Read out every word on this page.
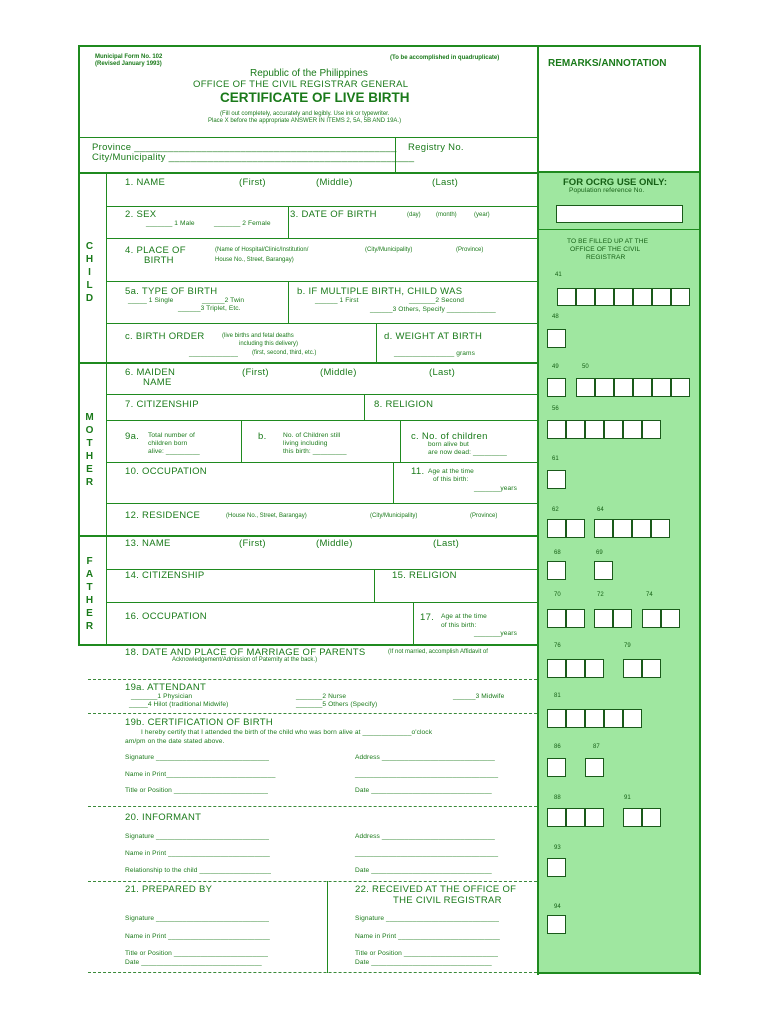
Municipal Form No. 102
(Revised January 1993)
(To be accomplished in quadruplicate)
Republic of the Philippines
OFFICE OF THE CIVIL REGISTRAR GENERAL
CERTIFICATE OF LIVE BIRTH
(Fill out completely, accurately and legibly. Use ink or typewriter.
Place X before the appropriate ANSWER IN ITEMS 2, 5A, 5B AND 19A.)
Province _______________________________________________
City/Municipality ____________________________________________
Registry No.
REMARKS/ANNOTATION
FOR OCRG USE ONLY:
Population reference No.
TO BE FILLED UP AT THE
OFFICE OF THE CIVIL
REGISTRAR
41
48
49	50
56
61
62	64
68	69
70	72	74
76	79
81
86	87
88	91
93
94
C
H
I
L
D
M
O
T
H
E
R
F
A
T
H
E
R
1. NAME	(First)	(Middle)	(Last)
2. SEX
_______ 1 Male	_______ 2 Female
3. DATE OF BIRTH	(day)	(month)	(year)
4. PLACE OF
BIRTH
(Name of Hospital/Clinic/Institution/
House No., Street, Barangay)
(City/Municipality)	(Province)
5a. TYPE OF BIRTH
_____ 1 Single	______2 Twin
______3 Triplet, Etc.
b. IF MULTIPLE BIRTH, CHILD WAS
______ 1 First	_______2 Second
______3 Others, Specify _____________
c. BIRTH ORDER	(live births and fetal deaths
including this delivery)
_____________ (first, second, third, etc.)
d. WEIGHT AT BIRTH
________________ grams
6. MAIDEN
NAME
(First)	(Middle)	(Last)
7. CITIZENSHIP	8. RELIGION
9a. Total number of
children born
alive: _________
b. No. of Children still
living including
this birth: _________
c. No. of children
born alive but
are now dead: _________
10. OCCUPATION	11. Age at the time
of this birth:
_______years
12. RESIDENCE	(House No., Street, Barangay)	(City/Municipality)	(Province)
13. NAME	(First)	(Middle)	(Last)
14. CITIZENSHIP	15. RELIGION
16. OCCUPATION	17. Age at the time
of this birth:
_______years
18. DATE AND PLACE OF MARRIAGE OF PARENTS	(If not married, accomplish Affidavit of
Acknowledgement/Admission of Paternity at the back.)
19a. ATTENDANT
_______1 Physician	_______2 Nurse	______3 Midwife
_____4 Hilot (traditional Midwife)	_______5 Others (Specify)
19b. CERTIFICATION OF BIRTH
I hereby certify that I attended the birth of the child who was born alive at _____________o'clock
am/pm on the date stated above.
Signature ______________________________
Name in Print_____________________________
Title or Position _________________________
Address ______________________________
______________________________________
Date ________________________________
20. INFORMANT
Signature ______________________________
Name in Print ___________________________
Relationship to the child ___________________
Address ______________________________
______________________________________
Date ________________________________
21. PREPARED BY
Signature ______________________________
Name in Print ___________________________
Title or Position _________________________
Date ________________________________
22. RECEIVED AT THE OFFICE OF
THE CIVIL REGISTRAR
Signature ______________________________
Name in Print ___________________________
Title or Position _________________________
Date ________________________________
